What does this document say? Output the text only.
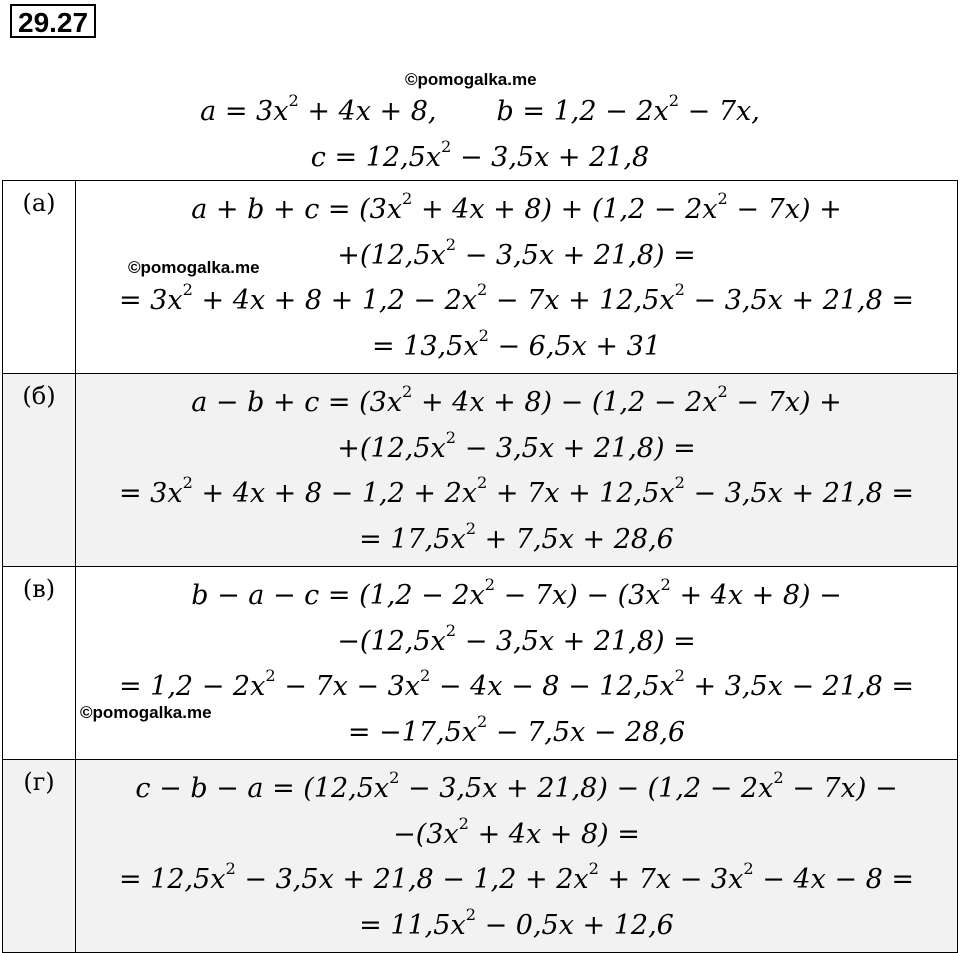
29.27
©pomogalka.me
©pomogalka.me
©pomogalka.me
$a = 3x^2 + 4x + 8$, $b = 1,2 - 2x^2 - 7x$,
$c = 12,5x^2 - 3,5x + 21,8$
(а)	$a + b + c = (3x^2 + 4x + 8) + (1,2 - 2x^2 - 7x)$ +
$+(12,5x^2 - 3,5x + 21,8)$ =
= $3x^2 + 4x + 8 + 1,2 - 2x^2 - 7x + 12,5x^2 - 3,5x + 21,8$ =
= $13,5x^2 - 6,5x + 31$

(б)	$a - b + c = (3x^2 + 4x + 8) - (1,2 - 2x^2 - 7x)$ +
$+(12,5x^2 - 3,5x + 21,8)$ =
= $3x^2 + 4x + 8 - 1,2 + 2x^2 + 7x + 12,5x^2 - 3,5x + 21,8$ =
= $17,5x^2 + 7,5x + 28,6$

(в)	$b - a - c = (1,2 - 2x^2 - 7x) - (3x^2 + 4x + 8)$ −
$-(12,5x^2 - 3,5x + 21,8)$ =
= $1,2 - 2x^2 - 7x - 3x^2 - 4x - 8 - 12,5x^2 + 3,5x - 21,8$ =
= $-17,5x^2 - 7,5x - 28,6$

(г)	$c - b - a = (12,5x^2 - 3,5x + 21,8) - (1,2 - 2x^2 - 7x)$ −
$-(3x^2 + 4x + 8)$ =
= $12,5x^2 - 3,5x + 21,8 - 1,2 + 2x^2 + 7x - 3x^2 - 4x - 8$ =
= $11,5x^2 - 0,5x + 12,6$
